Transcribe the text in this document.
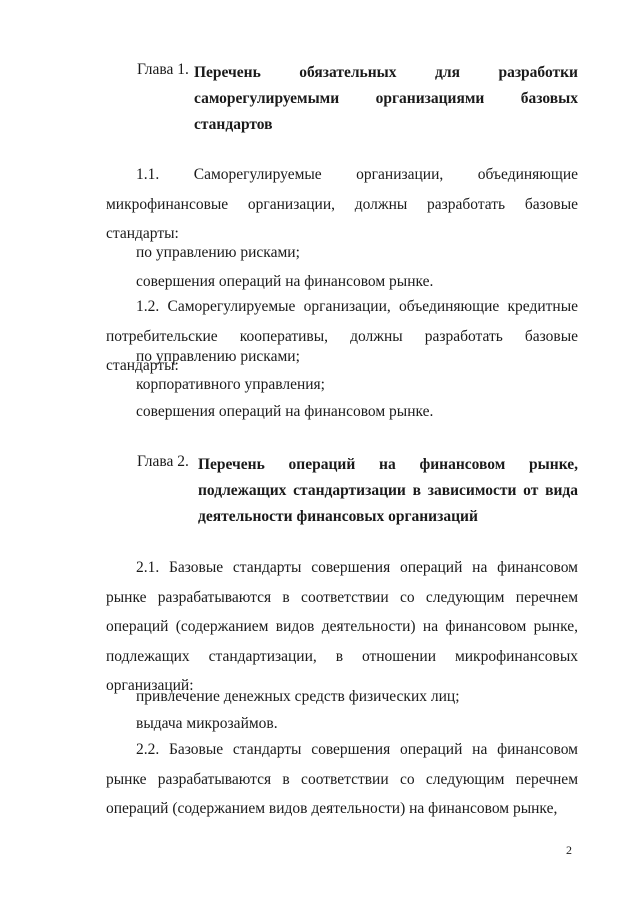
Глава 1. Перечень обязательных для разработки саморегулируемыми организациями базовых стандартов
1.1. Саморегулируемые организации, объединяющие микрофинансовые организации, должны разработать базовые стандарты:
по управлению рисками;
совершения операций на финансовом рынке.
1.2. Саморегулируемые организации, объединяющие кредитные потребительские кооперативы, должны разработать базовые стандарты:
по управлению рисками;
корпоративного управления;
совершения операций на финансовом рынке.
Глава 2. Перечень операций на финансовом рынке, подлежащих стандартизации в зависимости от вида деятельности финансовых организаций
2.1. Базовые стандарты совершения операций на финансовом рынке разрабатываются в соответствии со следующим перечнем операций (содержанием видов деятельности) на финансовом рынке, подлежащих стандартизации, в отношении микрофинансовых организаций:
привлечение денежных средств физических лиц;
выдача микрозаймов.
2.2. Базовые стандарты совершения операций на финансовом рынке разрабатываются в соответствии со следующим перечнем операций (содержанием видов деятельности) на финансовом рынке,
2
